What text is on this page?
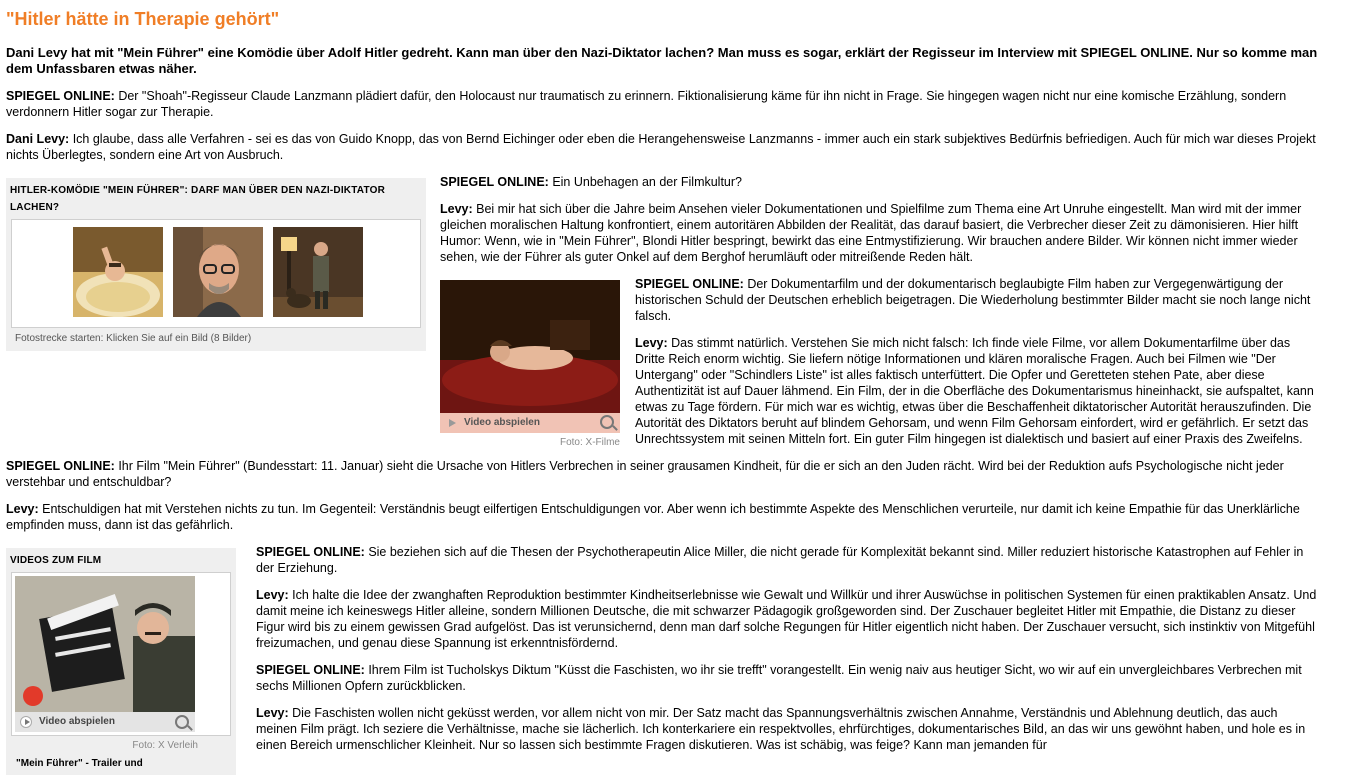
"Hitler hätte in Therapie gehört"

Dani Levy hat mit "Mein Führer" eine Komödie über Adolf Hitler gedreht. Kann man über den Nazi-Diktator lachen? Man muss es sogar, erklärt der Regisseur im Interview mit SPIEGEL ONLINE. Nur so komme man dem Unfassbaren etwas näher.

SPIEGEL ONLINE: Der "Shoah"-Regisseur Claude Lanzmann plädiert dafür, den Holocaust nur traumatisch zu erinnern. Fiktionalisierung käme für ihn nicht in Frage. Sie hingegen wagen nicht nur eine komische Erzählung, sondern verdonnern Hitler sogar zur Therapie.

Dani Levy: Ich glaube, dass alle Verfahren - sei es das von Guido Knopp, das von Bernd Eichinger oder eben die Herangehensweise Lanzmanns - immer auch ein stark subjektives Bedürfnis befriedigen. Auch für mich war dieses Projekt nichts Überlegtes, sondern eine Art von Ausbruch.

HITLER-KOMÖDIE "MEIN FÜHRER": DARF MAN ÜBER DEN NAZI-DIKTATOR LACHEN?
Fotostrecke starten: Klicken Sie auf ein Bild (8 Bilder)

SPIEGEL ONLINE: Ein Unbehagen an der Filmkultur?

Levy: Bei mir hat sich über die Jahre beim Ansehen vieler Dokumentationen und Spielfilme zum Thema eine Art Unruhe eingestellt. Man wird mit der immer gleichen moralischen Haltung konfrontiert, einem autoritären Abbilden der Realität, das darauf basiert, die Verbrecher dieser Zeit zu dämonisieren. Hier hilft Humor: Wenn, wie in "Mein Führer", Blondi Hitler bespringt, bewirkt das eine Entmystifizierung. Wir brauchen andere Bilder. Wir können nicht immer wieder sehen, wie der Führer als guter Onkel auf dem Berghof herumläuft oder mitreißende Reden hält.

Video abspielen
Foto: X-Filme

SPIEGEL ONLINE: Der Dokumentarfilm und der dokumentarisch beglaubigte Film haben zur Vergegenwärtigung der historischen Schuld der Deutschen erheblich beigetragen. Die Wiederholung bestimmter Bilder macht sie noch lange nicht falsch.

Levy: Das stimmt natürlich. Verstehen Sie mich nicht falsch: Ich finde viele Filme, vor allem Dokumentarfilme über das Dritte Reich enorm wichtig. Sie liefern nötige Informationen und klären moralische Fragen. Auch bei Filmen wie "Der Untergang" oder "Schindlers Liste" ist alles faktisch unterfüttert. Die Opfer und Geretteten stehen Pate, aber diese Authentizität ist auf Dauer lähmend. Ein Film, der in die Oberfläche des Dokumentarismus hineinhackt, sie aufspaltet, kann etwas zu Tage fördern. Für mich war es wichtig, etwas über die Beschaffenheit diktatorischer Autorität herauszufinden. Die Autorität des Diktators beruht auf blindem Gehorsam, und wenn Film Gehorsam einfordert, wird er gefährlich. Er setzt das Unrechtssystem mit seinen Mitteln fort. Ein guter Film hingegen ist dialektisch und basiert auf einer Praxis des Zweifelns.

SPIEGEL ONLINE: Ihr Film "Mein Führer" (Bundesstart: 11. Januar) sieht die Ursache von Hitlers Verbrechen in seiner grausamen Kindheit, für die er sich an den Juden rächt. Wird bei der Reduktion aufs Psychologische nicht jeder verstehbar und entschuldbar?

Levy: Entschuldigen hat mit Verstehen nichts zu tun. Im Gegenteil: Verständnis beugt eilfertigen Entschuldigungen vor. Aber wenn ich bestimmte Aspekte des Menschlichen verurteile, nur damit ich keine Empathie für das Unerklärliche empfinden muss, dann ist das gefährlich.

VIDEOS ZUM FILM
Video abspielen
Foto: X Verleih
"Mein Führer" - Trailer und

SPIEGEL ONLINE: Sie beziehen sich auf die Thesen der Psychotherapeutin Alice Miller, die nicht gerade für Komplexität bekannt sind. Miller reduziert historische Katastrophen auf Fehler in der Erziehung.

Levy: Ich halte die Idee der zwanghaften Reproduktion bestimmter Kindheitserlebnisse wie Gewalt und Willkür und ihrer Auswüchse in politischen Systemen für einen praktikablen Ansatz. Und damit meine ich keineswegs Hitler alleine, sondern Millionen Deutsche, die mit schwarzer Pädagogik großgeworden sind. Der Zuschauer begleitet Hitler mit Empathie, die Distanz zu dieser Figur wird bis zu einem gewissen Grad aufgelöst. Das ist verunsichernd, denn man darf solche Regungen für Hitler eigentlich nicht haben. Der Zuschauer versucht, sich instinktiv von Mitgefühl freizumachen, und genau diese Spannung ist erkenntnisfördernd.

SPIEGEL ONLINE: Ihrem Film ist Tucholskys Diktum "Küsst die Faschisten, wo ihr sie trefft" vorangestellt. Ein wenig naiv aus heutiger Sicht, wo wir auf ein unvergleichbares Verbrechen mit sechs Millionen Opfern zurückblicken.

Levy: Die Faschisten wollen nicht geküsst werden, vor allem nicht von mir. Der Satz macht das Spannungsverhältnis zwischen Annahme, Verständnis und Ablehnung deutlich, das auch meinen Film prägt. Ich seziere die Verhältnisse, mache sie lächerlich. Ich konterkariere ein respektvolles, ehrfürchtiges, dokumentarisches Bild, an das wir uns gewöhnt haben, und hole es in einen Bereich urmenschlicher Kleinheit. Nur so lassen sich bestimmte Fragen diskutieren. Was ist schäbig, was feige? Kann man jemanden für
